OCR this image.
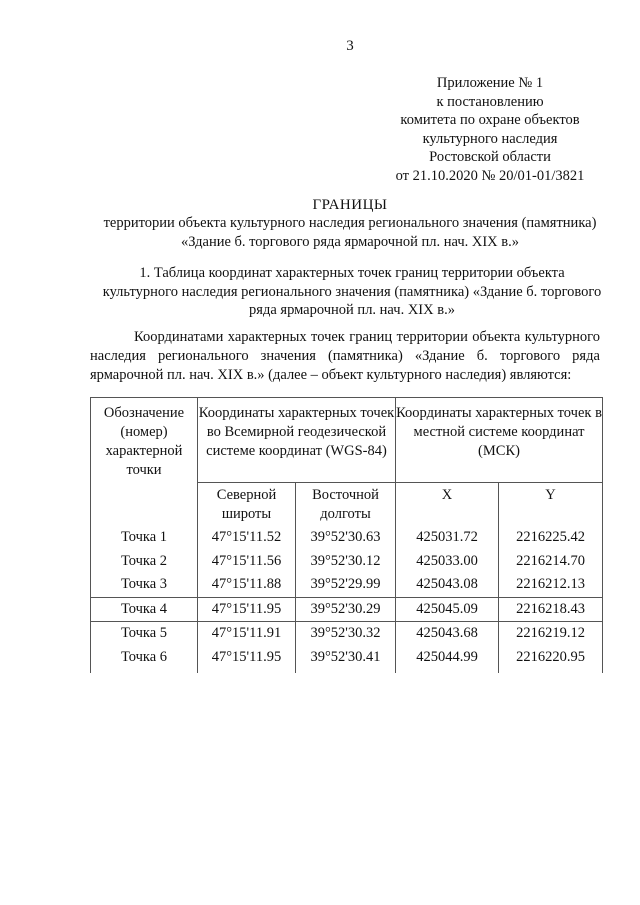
3
Приложение № 1
к постановлению
комитета по охране объектов
культурного наследия
Ростовской области
от 21.10.2020 № 20/01-01/3821
ГРАНИЦЫ
территории объекта культурного наследия регионального значения (памятника)
«Здание б. торгового ряда ярмарочной пл. нач. XIX в.»
1. Таблица координат характерных точек границ территории объекта
культурного наследия регионального значения (памятника) «Здание б. торгового
ряда ярмарочной пл. нач. XIX в.»
Координатами характерных точек границ территории объекта культурного
наследия регионального значения (памятника) «Здание б. торгового ряда
ярмарочной пл. нач. XIX в.» (далее – объект культурного наследия) являются:
Обозначение (номер) характерной точки	Координаты характерных точек во Всемирной геодезической системе координат (WGS-84)		Координаты характерных точек в местной системе координат (МСК)	
	Северной широты	Восточной долготы	X	Y
Точка 1	47°15'11.52	39°52'30.63	425031.72	2216225.42
Точка 2	47°15'11.56	39°52'30.12	425033.00	2216214.70
Точка 3	47°15'11.88	39°52'29.99	425043.08	2216212.13
Точка 4	47°15'11.95	39°52'30.29	425045.09	2216218.43
Точка 5	47°15'11.91	39°52'30.32	425043.68	2216219.12
Точка 6	47°15'11.95	39°52'30.41	425044.99	2216220.95
